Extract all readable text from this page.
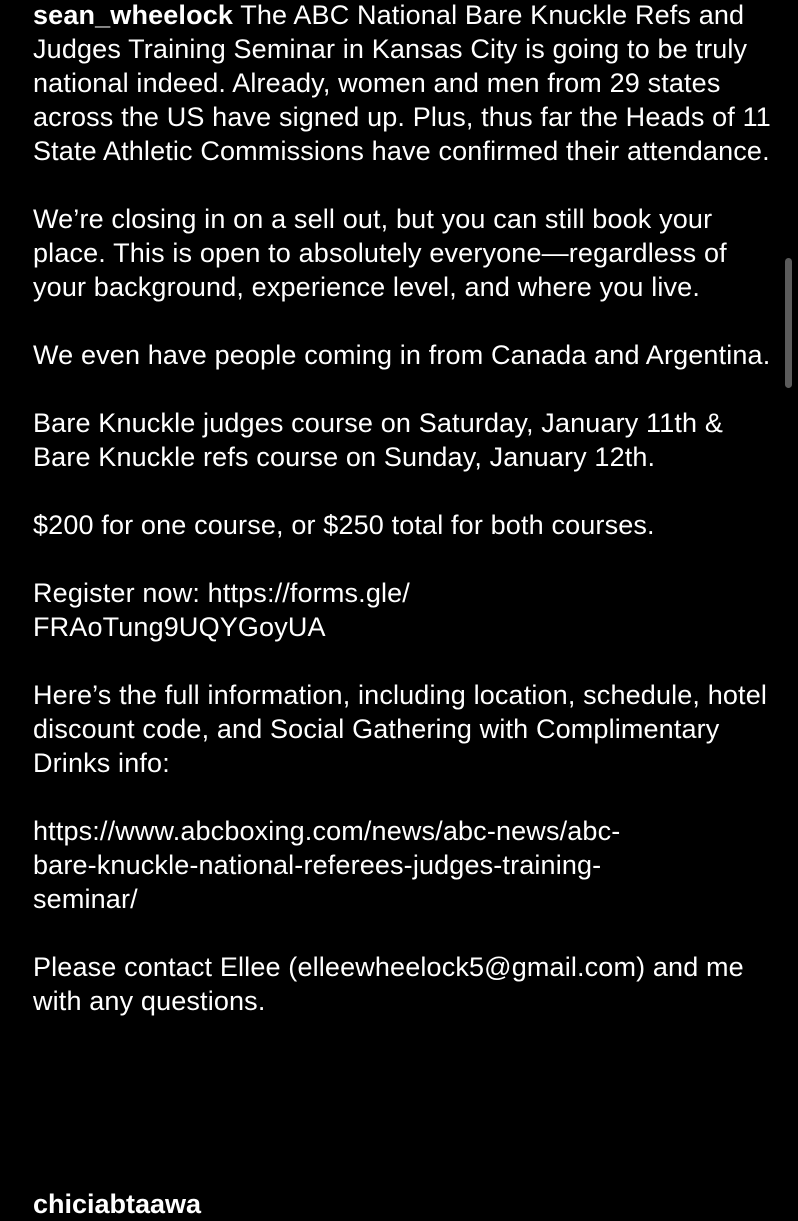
sean_wheelock The ABC National Bare Knuckle Refs and Judges Training Seminar in Kansas City is going to be truly national indeed. Already, women and men from 29 states across the US have signed up. Plus, thus far the Heads of 11 State Athletic Commissions have confirmed their attendance.

We’re closing in on a sell out, but you can still book your place. This is open to absolutely everyone—regardless of your background, experience level, and where you live.

We even have people coming in from Canada and Argentina.

Bare Knuckle judges course on Saturday, January 11th & Bare Knuckle refs course on Sunday, January 12th.

$200 for one course, or $250 total for both courses.

Register now: https://forms.gle/
FRAoTung9UQYGoyUA

Here’s the full information, including location, schedule, hotel discount code, and Social Gathering with Complimentary Drinks info:

https://www.abcboxing.com/news/abc-news/abc-
bare-knuckle-national-referees-judges-training-
seminar/

Please contact Ellee (elleewheelock5@gmail.com) and me with any questions.

chiciabtaawa
